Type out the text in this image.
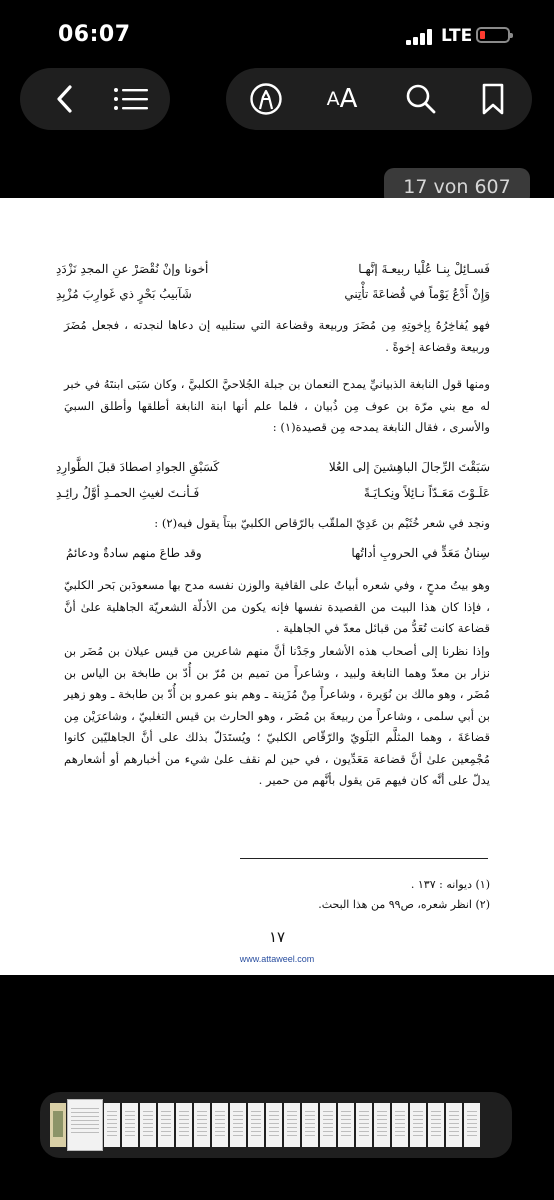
06:07	LTE
A A
17 von 607
فَسـائِلْ بِنـا عُلْيا ربيعـةَ إنَّهـا
أخونا وإنْ نُقْصَرْ عنِ المجدِ نَزْدَدِ
وَإِنْ أَدْعُ يَوْماً في قُضاعَةَ تأْتِني
شَآبيبُ بَحْرٍ ذي غَوارِبَ مُزْبِدِ

فهو يُفاخِرُهُ بِإخوتِهِ مِن مُضَرَ وربيعة وقضاعة التي ستلبيه إن دعاها لنجدته ، فجعل مُضَرَ وربيعة وقضاعة إخوةً .

ومنها قول النابغة الذبيانيِّ يمدح النعمان بن جبلة الجُلاحيَّ الكلبيَّ ، وكان سَبَى ابنتَهُ في خبر له مع بني مرّة بن عوف مِن ذُبيان ، فلما علم أنها ابنة النابغة أطلقها وأطلق السبيَ والأسرى ، فقال النابغة يمدحه مِن قصيدة(١) :

سَبَقْتَ الرِّجالَ الباهِشينَ إلى العُلا
كَسَبْقِ الجوادِ اصطادَ قبلَ الطَّوارِدِ
عَلَـوْتَ مَعَـدّاً نـائِلاً ونِكـايَـةً
فَـأنـتَ لغيثِ الحمـدِ أوَّلُ رائِـدِ

ونجد في شعر خُثَيْم بن عَدِيّ الملقّب بالرّقاص الكلبيّ بيتاً يقول فيه(٢) :

سِنانُ مَعَدٍّ في الحروبِ أداتُها
وقد طاعَ منهم سادةٌ ودعائمُ

وهو بيتُ مدحٍ ، وفي شعره أبياتٌ على القافية والوزن نفسه مدح بها مسعودَبن بَحر الكلبيّ ، فإذا كان هذا البيت من القصيدة نفسها فإنه يكون من الأدلّة الشعريّة الجاهلية علىٰ أنَّ قضاعة كانت تُعَدُّ من قبائل معدّ في الجاهلية .

وإذا نظرنا إلى أصحاب هذه الأشعار وجَدْنا أنَّ منهم شاعرين من قيس عيلان بن مُضَر بن نزار بن معدّ وهما النابغة ولبيد ، وشاعراً من تميم بن مُرّ بن أُدّ بن طابخة بن الياس بن مُضَر ، وهو مالك بن نُوَيرة ، وشاعراً مِنْ مُزَينة ـ وهم بنو عمرو بن أُدّ بن طابخة ـ وهو زهير بن أبي سلمى ، وشاعراً من ربيعةَ بن مُضَر ، وهو الحارث بن قيس التغلبيّ ، وشاعرَيْن مِن قضاعَةَ ، وهما المثلَّم البَلَويّ والرّقّاص الكلبيّ ؛ ويُستَدَلّ بذلك على أنَّ الجاهليّين كانوا مُجْمِعين علىٰ أنَّ قضاعة مَعَدِّيون ، في حين لم نقف علىٰ شيء من أخبارهم أو أشعارهم يدلّ على أنَّه كان فيهم مَن يقول بأنَّهم من حمير .

(١) ديوانه : ١٣٧ .
(٢) انظر شعره، ص٩٩ من هذا البحث.
١٧
www.attaweel.com
